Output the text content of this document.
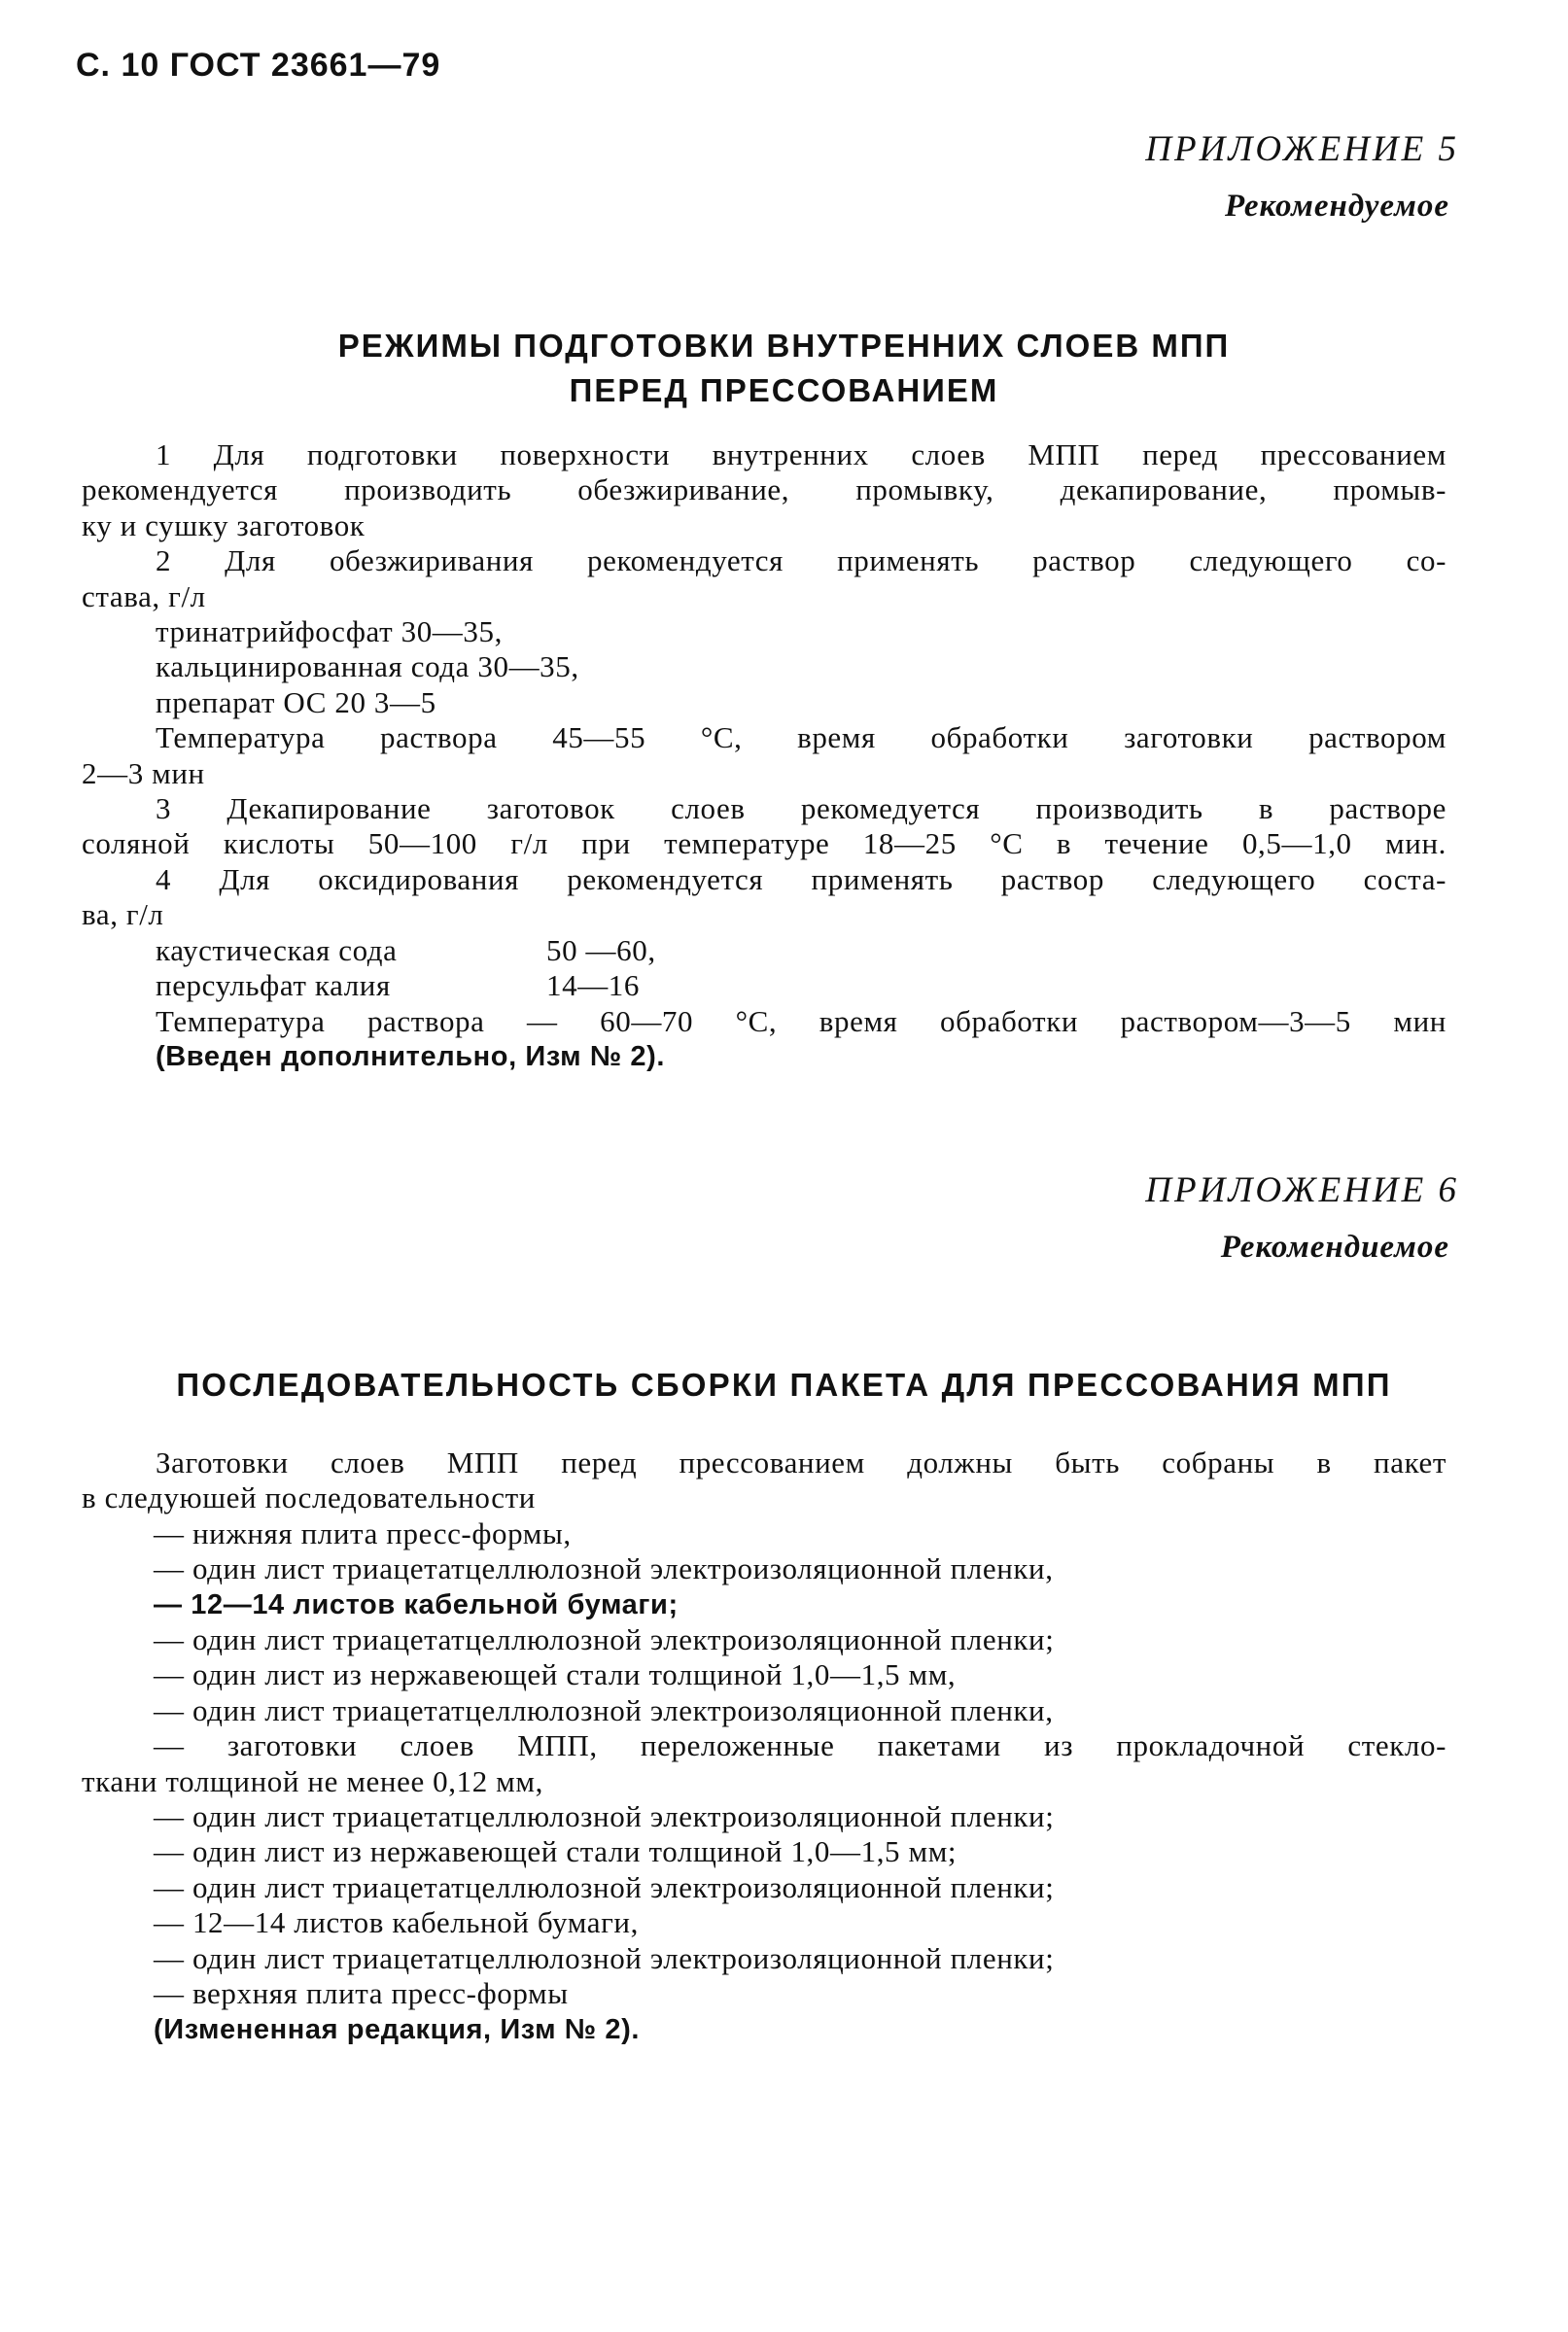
С. 10 ГОСТ 23661—79
ПРИЛОЖЕНИЕ 5
Рекомендуемое
РЕЖИМЫ ПОДГОТОВКИ ВНУТРЕННИХ СЛОЕВ МПП
ПЕРЕД ПРЕССОВАНИЕМ
1 Для подготовки поверхности внутренних слоев МПП перед прессованием
рекомендуется производить обезжиривание, промывку, декапирование, промыв-
ку и сушку заготовок
2 Для обезжиривания рекомендуется применять раствор следующего со-
става, г/л
тринатрийфосфат 30—35,
кальцинированная сода 30—35,
препарат ОС 20 3—5
Температура раствора 45—55 °С, время обработки заготовки раствором
2—3 мин
3 Декапирование заготовок слоев рекомедуется производить в растворе
соляной кислоты 50—100 г/л при температуре 18—25 °С в течение 0,5—1,0 мин.
4 Для оксидирования рекомендуется применять раствор следующего соста-
ва, г/л
каустическая сода	50 —60,
персульфат калия	14—16
Температура раствора — 60—70 °С, время обработки раствором—3—5 мин
(Введен дополнительно, Изм № 2).
ПРИЛОЖЕНИЕ 6
Рекомендиемое
ПОСЛЕДОВАТЕЛЬНОСТЬ СБОРКИ ПАКЕТА ДЛЯ ПРЕССОВАНИЯ МПП
Заготовки слоев МПП перед прессованием должны быть собраны в пакет
в следуюшей последовательности
— нижняя плита пресс-формы,
— один лист триацетатцеллюлозной электроизоляционной пленки,
— 12—14 листов кабельной бумаги;
— один лист триацетатцеллюлозной электроизоляционной пленки;
— один лист из нержавеющей стали толщиной 1,0—1,5 мм,
— один лист триацетатцеллюлозной электроизоляционной пленки,
— заготовки слоев МПП, переложенные пакетами из прокладочной стекло-
ткани толщиной не менее 0,12 мм,
— один лист триацетатцеллюлозной электроизоляционной пленки;
— один лист из нержавеющей стали толщиной 1,0—1,5 мм;
— один лист триацетатцеллюлозной электроизоляционной пленки;
— 12—14 листов кабельной бумаги,
— один лист триацетатцеллюлозной электроизоляционной пленки;
— верхняя плита пресс-формы
(Измененная редакция, Изм № 2).
